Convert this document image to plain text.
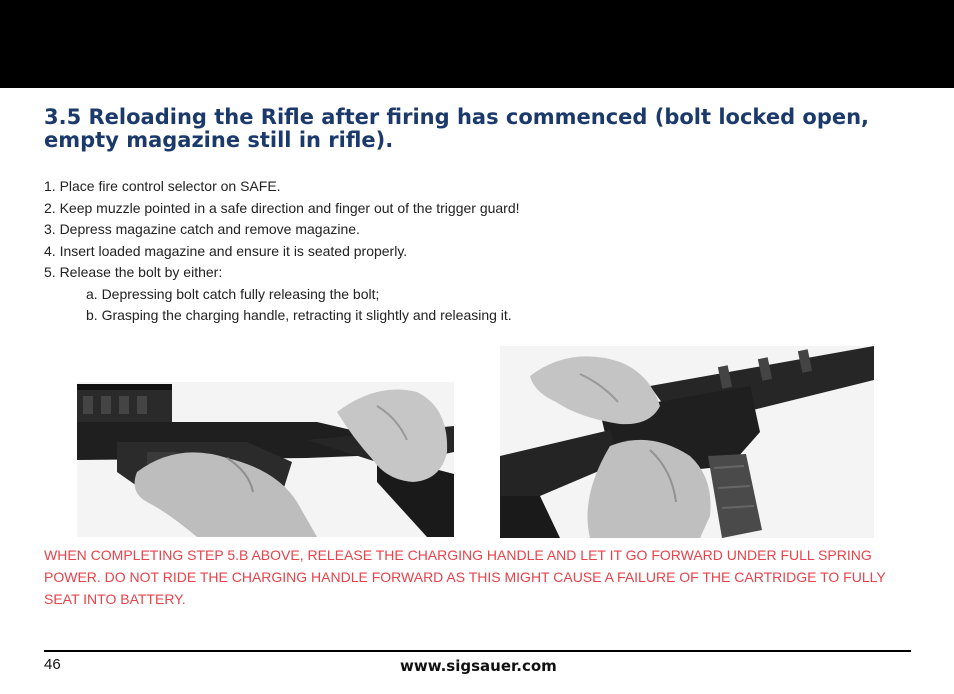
3.5 Reloading the Rifle after firing has commenced (bolt locked open, empty magazine still in rifle).
1. Place fire control selector on SAFE.
2. Keep muzzle pointed in a safe direction and finger out of the trigger guard!
3. Depress magazine catch and remove magazine.
4. Insert loaded magazine and ensure it is seated properly.
5. Release the bolt by either:
a. Depressing bolt catch fully releasing the bolt;
b. Grasping the charging handle, retracting it slightly and releasing it.
WHEN COMPLETING STEP 5.B ABOVE, RELEASE THE CHARGING HANDLE AND LET IT GO FORWARD UNDER FULL SPRING POWER. DO NOT RIDE THE CHARGING HANDLE FORWARD AS THIS MIGHT CAUSE A FAILURE OF THE CARTRIDGE TO FULLY SEAT INTO BATTERY.
46	www.sigsauer.com
